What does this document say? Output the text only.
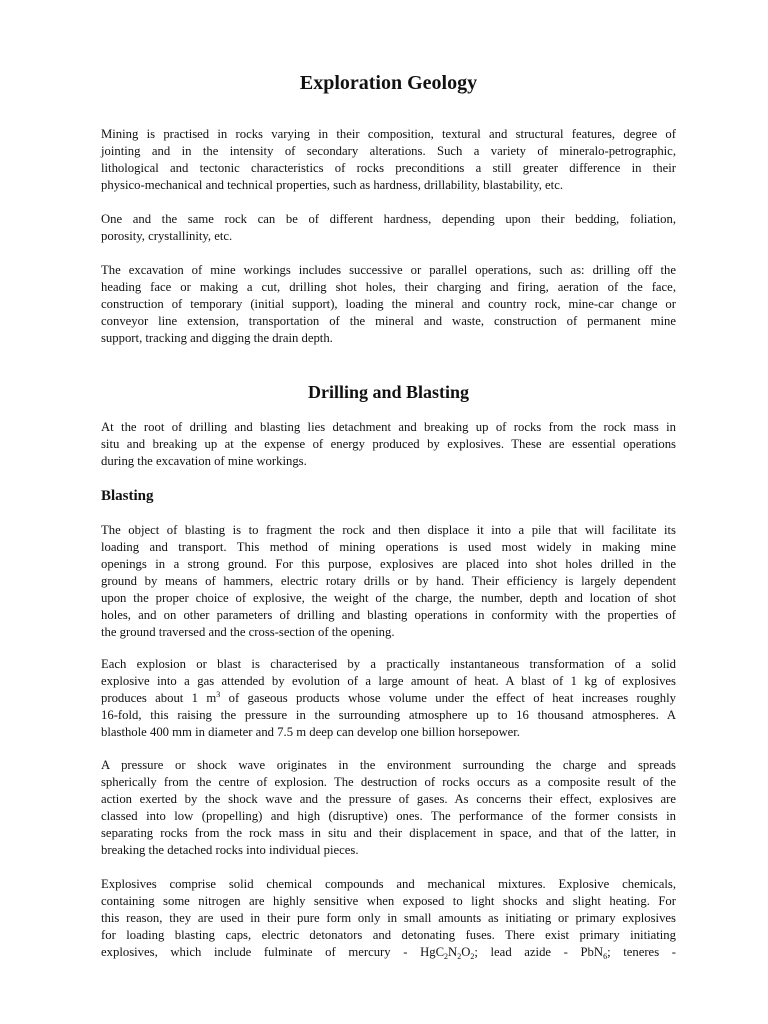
Exploration Geology

Mining is practised in rocks varying in their composition, textural and structural features, degree of
jointing and in the intensity of secondary alterations. Such a variety of mineralo-petrographic,
lithological and tectonic characteristics of rocks preconditions a still greater difference in their
physico-mechanical and technical properties, such as hardness, drillability, blastability, etc.

One and the same rock can be of different hardness, depending upon their bedding, foliation,
porosity, crystallinity, etc.

The excavation of mine workings includes successive or parallel operations, such as: drilling off the
heading face or making a cut, drilling shot holes, their charging and firing, aeration of the face,
construction of temporary (initial support), loading the mineral and country rock, mine-car change or
conveyor line extension, transportation of the mineral and waste, construction of permanent mine
support, tracking and digging the drain depth.

Drilling and Blasting

At the root of drilling and blasting lies detachment and breaking up of rocks from the rock mass in
situ and breaking up at the expense of energy produced by explosives. These are essential operations
during the excavation of mine workings.

Blasting

The object of blasting is to fragment the rock and then displace it into a pile that will facilitate its
loading and transport. This method of mining operations is used most widely in making mine
openings in a strong ground. For this purpose, explosives are placed into shot holes drilled in the
ground by means of hammers, electric rotary drills or by hand. Their efficiency is largely dependent
upon the proper choice of explosive, the weight of the charge, the number, depth and location of shot
holes, and on other parameters of drilling and blasting operations in conformity with the properties of
the ground traversed and the cross-section of the opening.

Each explosion or blast is characterised by a practically instantaneous transformation of a solid
explosive into a gas attended by evolution of a large amount of heat. A blast of 1 kg of explosives
produces about 1 $m^3$ of gaseous products whose volume under the effect of heat increases roughly
16-fold, this raising the pressure in the surrounding atmosphere up to 16 thousand atmospheres. A
blasthole 400 mm in diameter and 7.5 m deep can develop one billion horsepower.

A pressure or shock wave originates in the environment surrounding the charge and spreads
spherically from the centre of explosion. The destruction of rocks occurs as a composite result of the
action exerted by the shock wave and the pressure of gases. As concerns their effect, explosives are
classed into low (propelling) and high (disruptive) ones. The performance of the former consists in
separating rocks from the rock mass in situ and their displacement in space, and that of the latter, in
breaking the detached rocks into individual pieces.

Explosives comprise solid chemical compounds and mechanical mixtures. Explosive chemicals,
containing some nitrogen are highly sensitive when exposed to light shocks and slight heating. For
this reason, they are used in their pure form only in small amounts as initiating or primary explosives
for loading blasting caps, electric detonators and detonating fuses. There exist primary initiating
explosives, which include fulminate of mercury - $HgC_2N_2O_2$; lead azide - PbN$_6$; teneres -
